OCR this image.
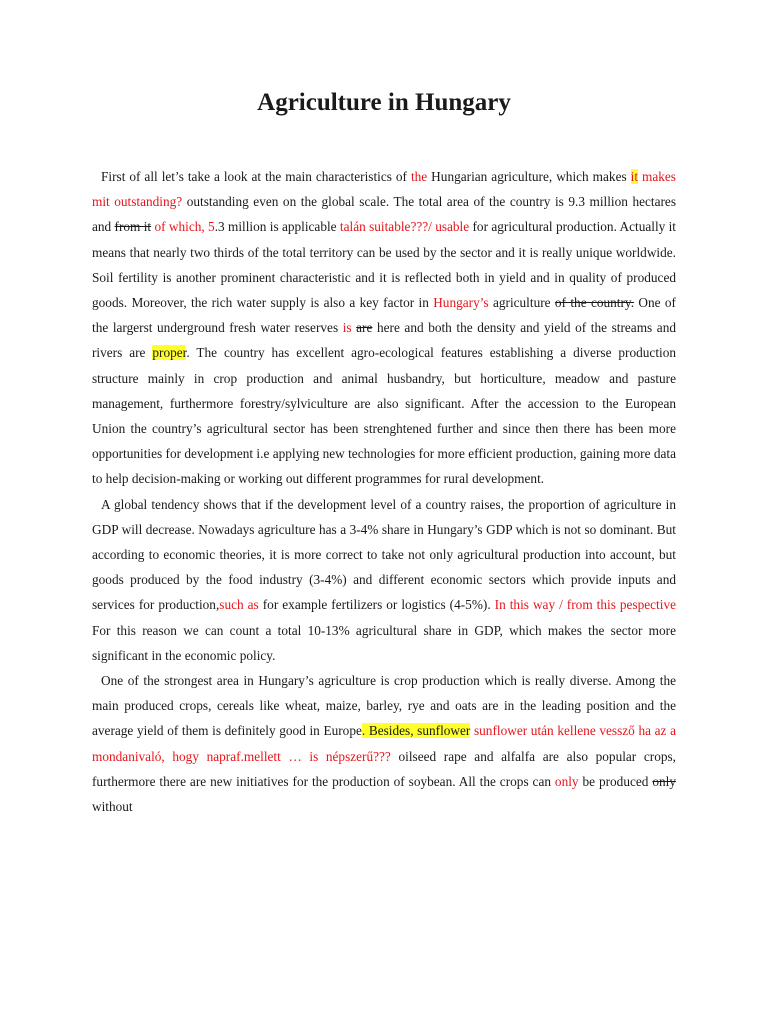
Agriculture in Hungary

First of all let’s take a look at the main characteristics of the Hungarian agriculture, which makes it makes mit outstanding? outstanding even on the global scale. The total area of the country is 9.3 million hectares and from it of which, 5.3 million is applicable talán suitable???/ usable for agricultural production. Actually it means that nearly two thirds of the total territory can be used by the sector and it is really unique worldwide. Soil fertility is another prominent characteristic and it is reflected both in yield and in quality of produced goods. Moreover, the rich water supply is also a key factor in Hungary’s agriculture of the country. One of the largerst underground fresh water reserves is are here and both the density and yield of the streams and rivers are proper. The country has excellent agro-ecological features establishing a diverse production structure mainly in crop production and animal husbandry, but horticulture, meadow and pasture management, furthermore forestry/sylviculture are also significant. After the accession to the European Union the country’s agricultural sector has been strenghtened further and since then there has been more opportunities for development i.e applying new technologies for more efficient production, gaining more data to help decision-making or working out different programmes for rural development.

A global tendency shows that if the development level of a country raises, the proportion of agriculture in GDP will decrease. Nowadays agriculture has a 3-4% share in Hungary’s GDP which is not so dominant. But according to economic theories, it is more correct to take not only agricultural production into account, but goods produced by the food industry (3-4%) and different economic sectors which provide inputs and services for production,such as for example fertilizers or logistics (4-5%). In this way / from this pespective For this reason we can count a total 10-13% agricultural share in GDP, which makes the sector more significant in the economic policy.

One of the strongest area in Hungary’s agriculture is crop production which is really diverse. Among the main produced crops, cereals like wheat, maize, barley, rye and oats are in the leading position and the average yield of them is definitely good in Europe. Besides, sunflower sunflower után kellene vessző ha az a mondanivaló, hogy napraf.mellett … is népszerű??? oilseed rape and alfalfa are also popular crops, furthermore there are new initiatives for the production of soybean. All the crops can only be produced only without
